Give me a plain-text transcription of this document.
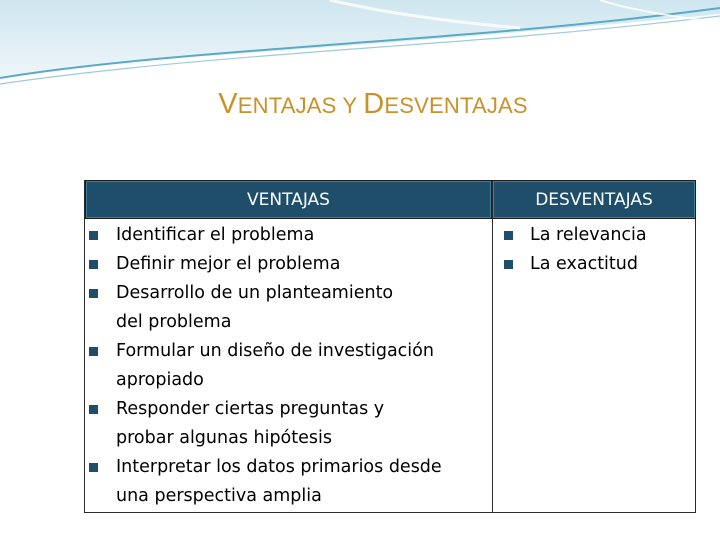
VENTAJAS Y DESVENTAJAS
VENTAJAS	DESVENTAJAS
Identificar el problema
Definir mejor el problema
Desarrollo de un planteamiento del problema
Formular un diseño de investigación apropiado
Responder ciertas preguntas y probar algunas hipótesis
Interpretar los datos primarios desde una perspectiva amplia
La relevancia
La exactitud
